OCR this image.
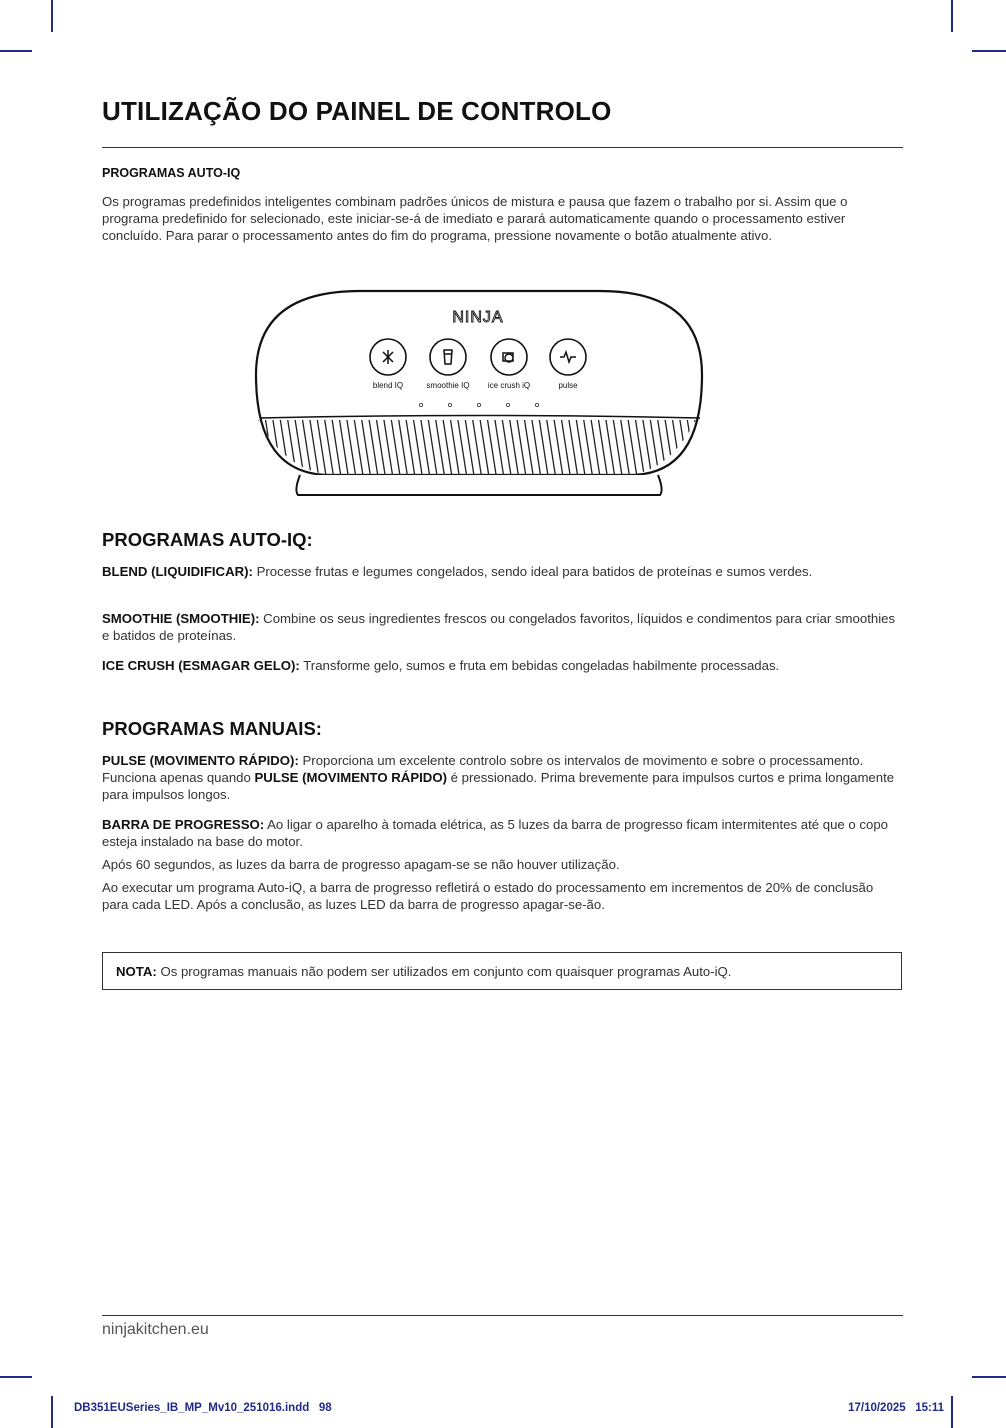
UTILIZAÇÃO DO PAINEL DE CONTROLO

PROGRAMAS AUTO-IQ

Os programas predefinidos inteligentes combinam padrões únicos de mistura e pausa que fazem o trabalho por si. Assim que o programa predefinido for selecionado, este iniciar-se-á de imediato e parará automaticamente quando o processamento estiver concluído. Para parar o processamento antes do fim do programa, pressione novamente o botão atualmente ativo.

NINJA
blend IQ	smoothie IQ ice crush iQ	pulse

PROGRAMAS AUTO-IQ:

BLEND (LIQUIDIFICAR): Processe frutas e legumes congelados, sendo ideal para batidos de proteínas e sumos verdes.

SMOOTHIE (SMOOTHIE): Combine os seus ingredientes frescos ou congelados favoritos, líquidos e condimentos para criar smoothies e batidos de proteínas.

ICE CRUSH (ESMAGAR GELO): Transforme gelo, sumos e fruta em bebidas congeladas habilmente processadas.

PROGRAMAS MANUAIS:

PULSE (MOVIMENTO RÁPIDO): Proporciona um excelente controlo sobre os intervalos de movimento e sobre o processamento. Funciona apenas quando PULSE (MOVIMENTO RÁPIDO) é pressionado. Prima brevemente para impulsos curtos e prima longamente para impulsos longos.

BARRA DE PROGRESSO: Ao ligar o aparelho à tomada elétrica, as 5 luzes da barra de progresso ficam intermitentes até que o copo esteja instalado na base do motor.

Após 60 segundos, as luzes da barra de progresso apagam-se se não houver utilização.

Ao executar um programa Auto-iQ, a barra de progresso refletirá o estado do processamento em incrementos de 20% de conclusão para cada LED. Após a conclusão, as luzes LED da barra de progresso apagar-se-ão.

NOTA: Os programas manuais não podem ser utilizados em conjunto com quaisquer programas Auto-iQ.

ninjakitchen.eu
DB351EUSeries_IB_MP_Mv10_251016.indd   98	17/10/2025   15:11
